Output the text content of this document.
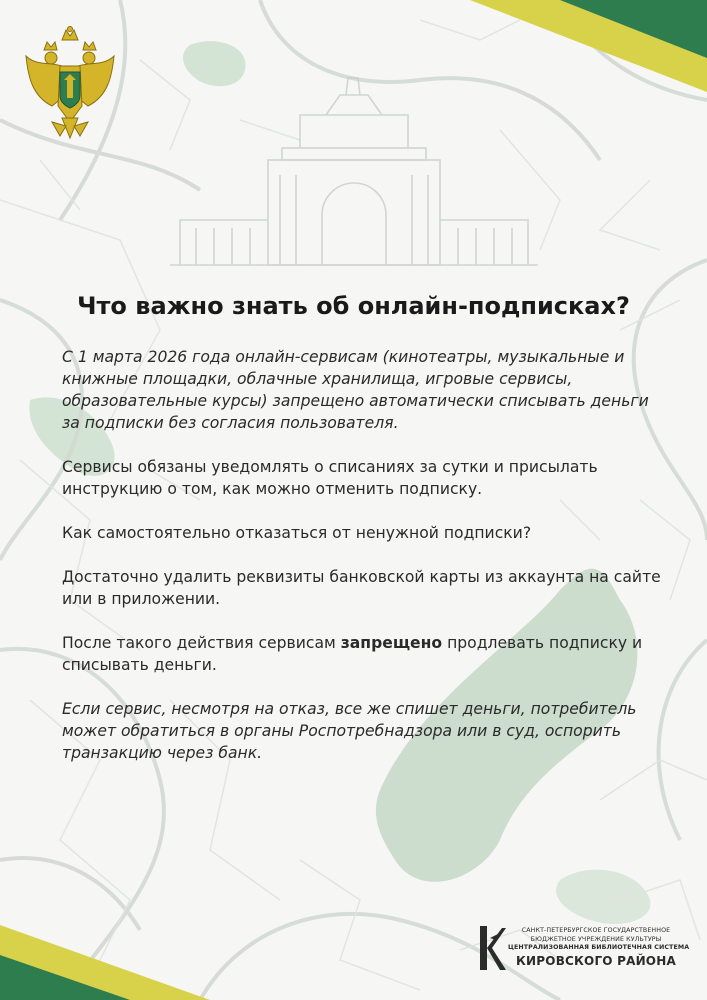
Что важно знать об онлайн-подписках?

С 1 марта 2026 года онлайн-сервисам (кинотеатры, музыкальные и книжные площадки, облачные хранилища, игровые сервисы, образовательные курсы) запрещено автоматически списывать деньги за подписки без согласия пользователя.

Сервисы обязаны уведомлять о списаниях за сутки и присылать инструкцию о том, как можно отменить подписку.

Как самостоятельно отказаться от ненужной подписки?

Достаточно удалить реквизиты банковской карты из аккаунта на сайте или в приложении.

После такого действия сервисам запрещено продлевать подписку и списывать деньги.

Если сервис, несмотря на отказ, все же спишет деньги, потребитель может обратиться в органы Роспотребнадзора или в суд, оспорить транзакцию через банк.

САНКТ-ПЕТЕРБУРГСКОЕ ГОСУДАРСТВЕННОЕ
БЮДЖЕТНОЕ УЧРЕЖДЕНИЕ КУЛЬТУРЫ
ЦЕНТРАЛИЗОВАННАЯ БИБЛИОТЕЧНАЯ СИСТЕМА
КИРОВСКОГО РАЙОНА
